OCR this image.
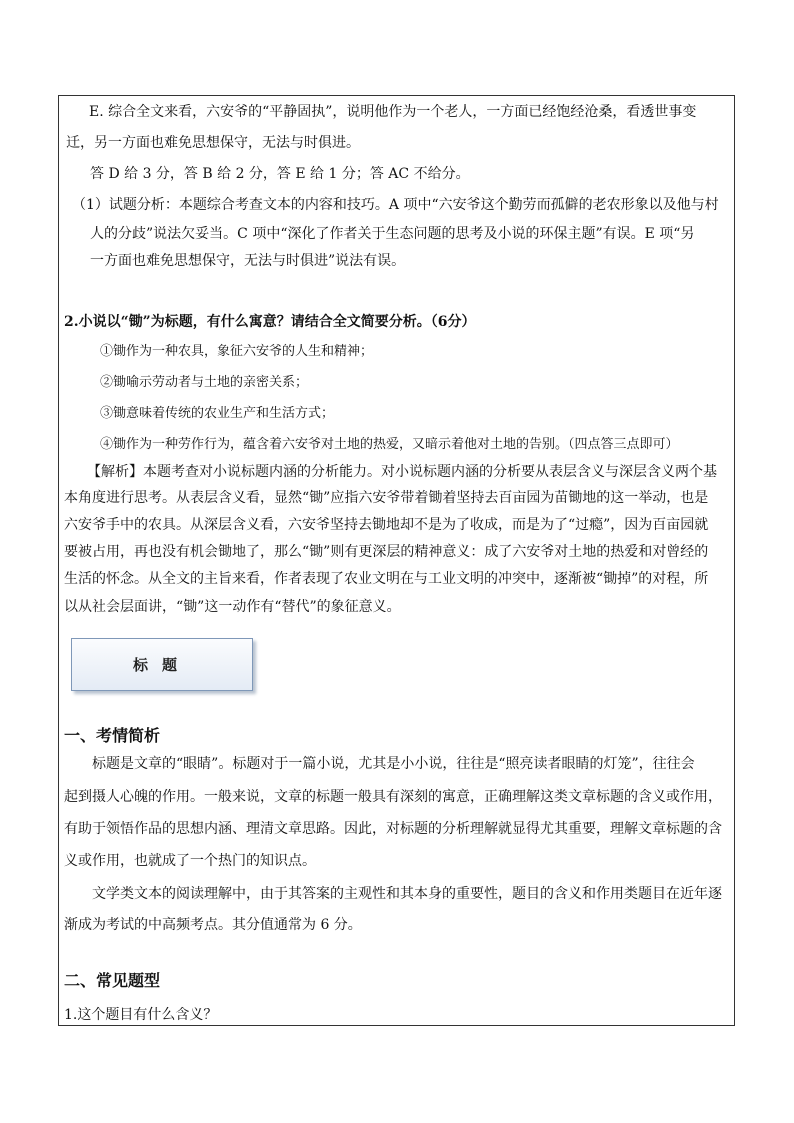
E. 综合全文来看，六安爷的“平静固执”，说明他作为一个老人，一方面已经饱经沧桑，看透世事变
迁，另一方面也难免思想保守，无法与时俱进。
答 D 给 3 分，答 B 给 2 分，答 E 给 1 分；答 AC 不给分。
（1）试题分析：本题综合考查文本的内容和技巧。A 项中“六安爷这个勤劳而孤僻的老农形象以及他与村
人的分歧”说法欠妥当。C 项中“深化了作者关于生态问题的思考及小说的环保主题”有误。E 项“另
一方面也难免思想保守，无法与时俱进”说法有误。
2.小说以“锄”为标题，有什么寓意？请结合全文简要分析。（6分）
①锄作为一种农具，象征六安爷的人生和精神；
②锄喻示劳动者与土地的亲密关系；
③锄意味着传统的农业生产和生活方式；
④锄作为一种劳作行为，蕴含着六安爷对土地的热爱，又暗示着他对土地的告别。（四点答三点即可）
【解析】本题考查对小说标题内涵的分析能力。对小说标题内涵的分析要从表层含义与深层含义两个基
本角度进行思考。从表层含义看，显然“锄”应指六安爷带着锄着坚持去百亩园为苗锄地的这一举动，也是
六安爷手中的农具。从深层含义看，六安爷坚持去锄地却不是为了收成，而是为了“过瘾”，因为百亩园就
要被占用，再也没有机会锄地了，那么“锄”则有更深层的精神意义：成了六安爷对土地的热爱和对曾经的
生活的怀念。从全文的主旨来看，作者表现了农业文明在与工业文明的冲突中，逐渐被“锄掉”的对程，所
以从社会层面讲，“锄”这一动作有“替代”的象征意义。
标题
一、考情简析
标题是文章的“眼睛”。标题对于一篇小说，尤其是小小说，往往是“照亮读者眼睛的灯笼”，往往会
起到摄人心魄的作用。一般来说，文章的标题一般具有深刻的寓意，正确理解这类文章标题的含义或作用，
有助于领悟作品的思想内涵、理清文章思路。因此，对标题的分析理解就显得尤其重要，理解文章标题的含
义或作用，也就成了一个热门的知识点。
文学类文本的阅读理解中，由于其答案的主观性和其本身的重要性，题目的含义和作用类题目在近年逐
渐成为考试的中高频考点。其分值通常为 6 分。
二、常见题型
1.这个题目有什么含义？
